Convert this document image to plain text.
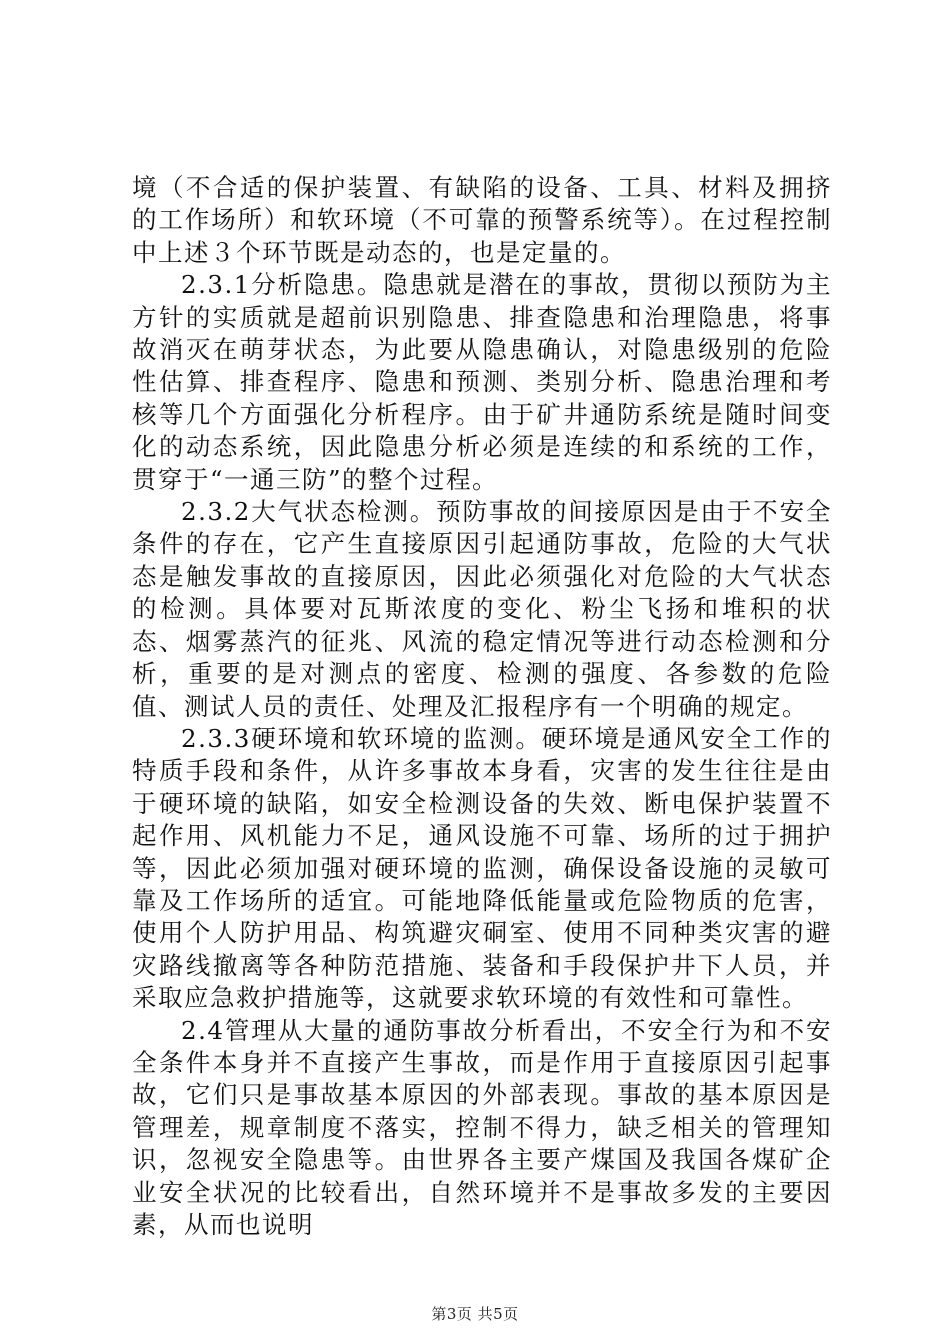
境（不合适的保护装置、有缺陷的设备、工具、材料及拥挤的工作场所）和软环境（不可靠的预警系统等）。在过程控制中上述３个环节既是动态的，也是定量的。

2.3.1分析隐患。隐患就是潜在的事故，贯彻以预防为主方针的实质就是超前识别隐患、排查隐患和治理隐患，将事故消灭在萌芽状态，为此要从隐患确认，对隐患级别的危险性估算、排查程序、隐患和预测、类别分析、隐患治理和考核等几个方面强化分析程序。由于矿井通防系统是随时间变化的动态系统，因此隐患分析必须是连续的和系统的工作，贯穿于“一通三防”的整个过程。

2.3.2大气状态检测。预防事故的间接原因是由于不安全条件的存在，它产生直接原因引起通防事故，危险的大气状态是触发事故的直接原因，因此必须强化对危险的大气状态的检测。具体要对瓦斯浓度的变化、粉尘飞扬和堆积的状态、烟雾蒸汽的征兆、风流的稳定情况等进行动态检测和分析，重要的是对测点的密度、检测的强度、各参数的危险值、测试人员的责任、处理及汇报程序有一个明确的规定。

2.3.3硬环境和软环境的监测。硬环境是通风安全工作的特质手段和条件，从许多事故本身看，灾害的发生往往是由于硬环境的缺陷，如安全检测设备的失效、断电保护装置不起作用、风机能力不足，通风设施不可靠、场所的过于拥护等，因此必须加强对硬环境的监测，确保设备设施的灵敏可靠及工作场所的适宜。可能地降低能量或危险物质的危害，使用个人防护用品、构筑避灾硐室、使用不同种类灾害的避灾路线撤离等各种防范措施、装备和手段保护井下人员，并采取应急救护措施等，这就要求软环境的有效性和可靠性。

2.4管理从大量的通防事故分析看出，不安全行为和不安全条件本身并不直接产生事故，而是作用于直接原因引起事故，它们只是事故基本原因的外部表现。事故的基本原因是管理差，规章制度不落实，控制不得力，缺乏相关的管理知识，忽视安全隐患等。由世界各主要产煤国及我国各煤矿企业安全状况的比较看出，自然环境并不是事故多发的主要因素，从而也说明

第3页 共5页
